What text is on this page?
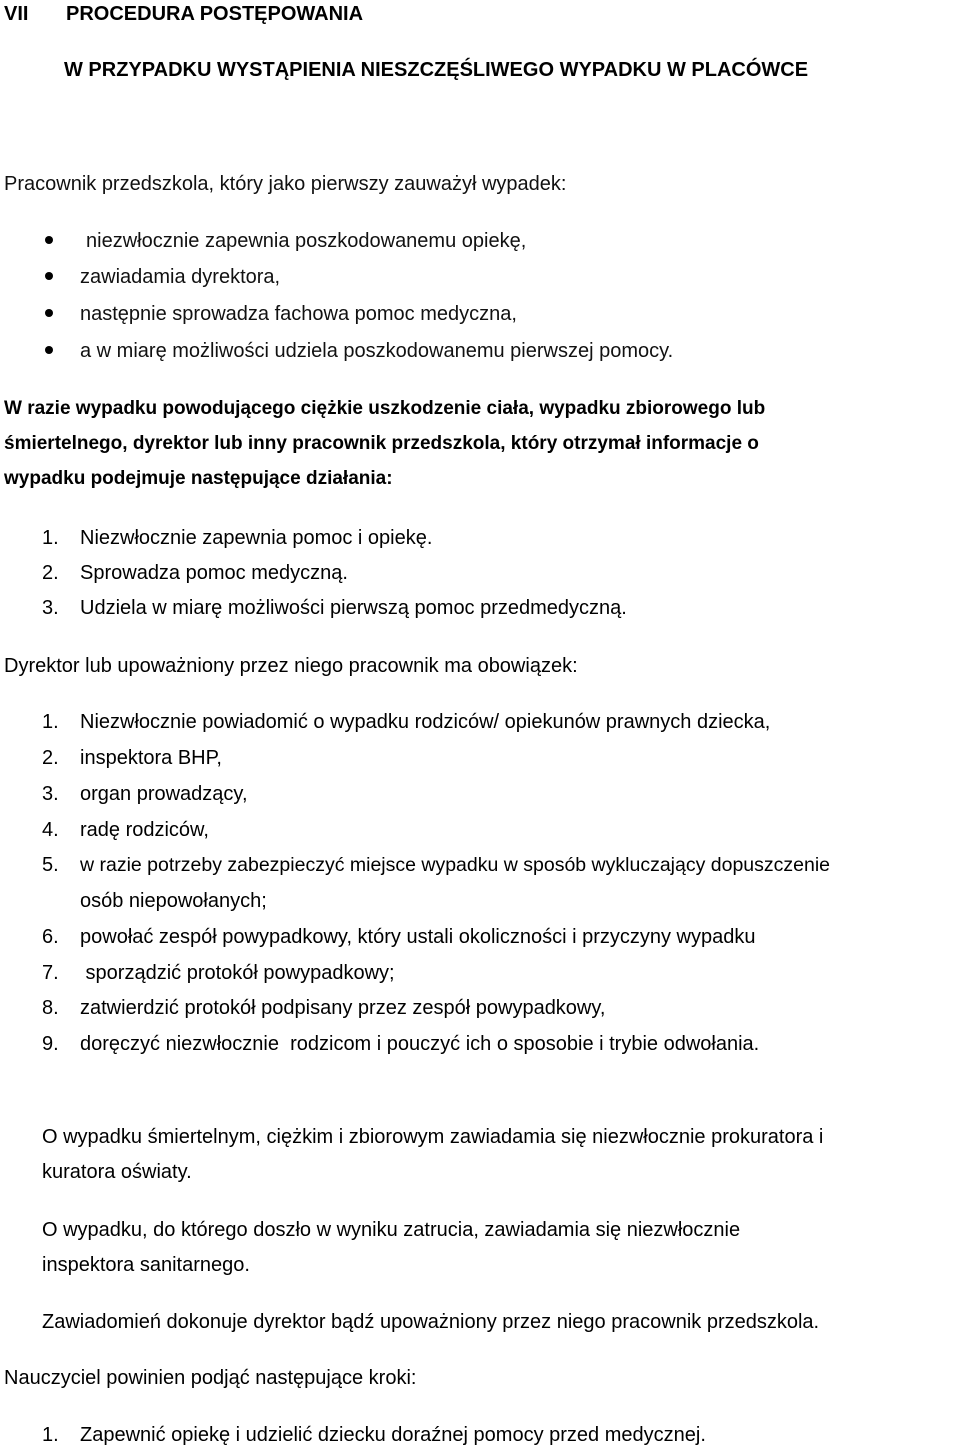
VII PROCEDURA POSTĘPOWANIA
W PRZYPADKU WYSTĄPIENIA NIESZCZĘŚLIWEGO WYPADKU W PLACÓWCE
Pracownik przedszkola, który jako pierwszy zauważył wypadek:
niezwłocznie zapewnia poszkodowanemu opiekę,
zawiadamia dyrektora,
następnie sprowadza fachowa pomoc medyczna,
a w miarę możliwości udziela poszkodowanemu pierwszej pomocy.
W razie wypadku powodującego ciężkie uszkodzenie ciała, wypadku zbiorowego lub
śmiertelnego, dyrektor lub inny pracownik przedszkola, który otrzymał informacje o
wypadku podejmuje następujące działania:
1. Niezwłocznie zapewnia pomoc i opiekę.
2. Sprowadza pomoc medyczną.
3. Udziela w miarę możliwości pierwszą pomoc przedmedyczną.
Dyrektor lub upoważniony przez niego pracownik ma obowiązek:
1. Niezwłocznie powiadomić o wypadku rodziców/ opiekunów prawnych dziecka,
2. inspektora BHP,
3. organ prowadzący,
4. radę rodziców,
5. w razie potrzeby zabezpieczyć miejsce wypadku w sposób wykluczający dopuszczenie
osób niepowołanych;
6. powołać zespół powypadkowy, który ustali okoliczności i przyczyny wypadku
7. sporządzić protokół powypadkowy;
8. zatwierdzić protokół podpisany przez zespół powypadkowy,
9. doręczyć niezwłocznie  rodzicom i pouczyć ich o sposobie i trybie odwołania.
O wypadku śmiertelnym, ciężkim i zbiorowym zawiadamia się niezwłocznie prokuratora i
kuratora oświaty.
O wypadku, do którego doszło w wyniku zatrucia, zawiadamia się niezwłocznie
inspektora sanitarnego.
Zawiadomień dokonuje dyrektor bądź upoważniony przez niego pracownik przedszkola.
Nauczyciel powinien podjąć następujące kroki:
1. Zapewnić opiekę i udzielić dziecku doraźnej pomocy przed medycznej.
